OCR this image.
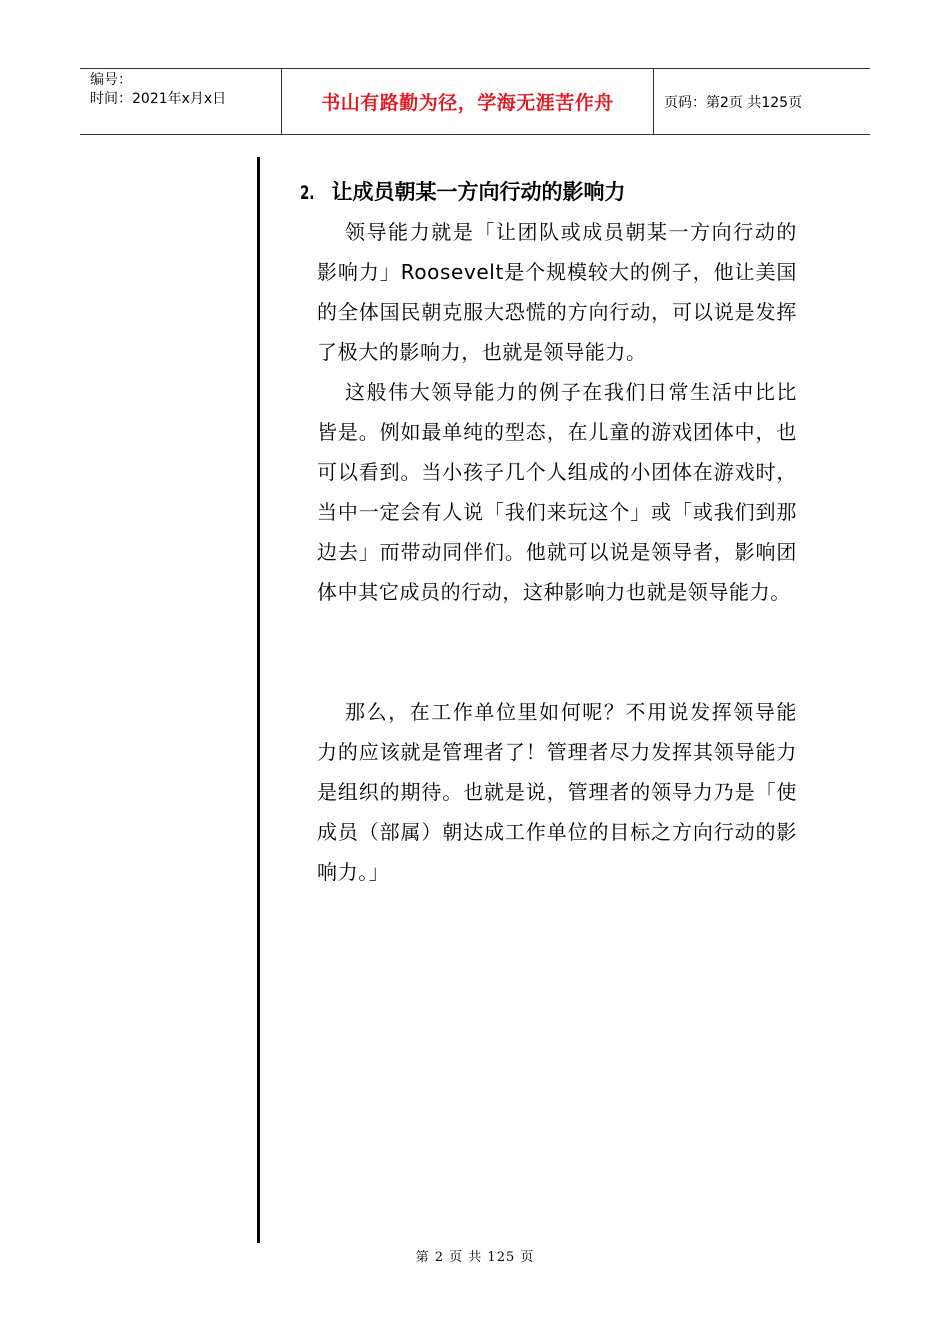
编号：
时间：2021年x月x日	书山有路勤为径，学海无涯苦作舟	页码：第2页 共125页
2. 让成员朝某一方向行动的影响力

领导能力就是「让团队或成员朝某一方向行动的影响力」Roosevelt是个规模较大的例子，他让美国的全体国民朝克服大恐慌的方向行动，可以说是发挥了极大的影响力，也就是领导能力。

这般伟大领导能力的例子在我们日常生活中比比皆是。例如最单纯的型态，在儿童的游戏团体中，也可以看到。当小孩子几个人组成的小团体在游戏时，当中一定会有人说「我们来玩这个」或「或我们到那边去」而带动同伴们。他就可以说是领导者，影响团体中其它成员的行动，这种影响力也就是领导能力。

那么，在工作单位里如何呢？不用说发挥领导能力的应该就是管理者了！管理者尽力发挥其领导能力是组织的期待。也就是说，管理者的领导力乃是「使成员（部属）朝达成工作单位的目标之方向行动的影响力。」

第 2 页 共 125 页
